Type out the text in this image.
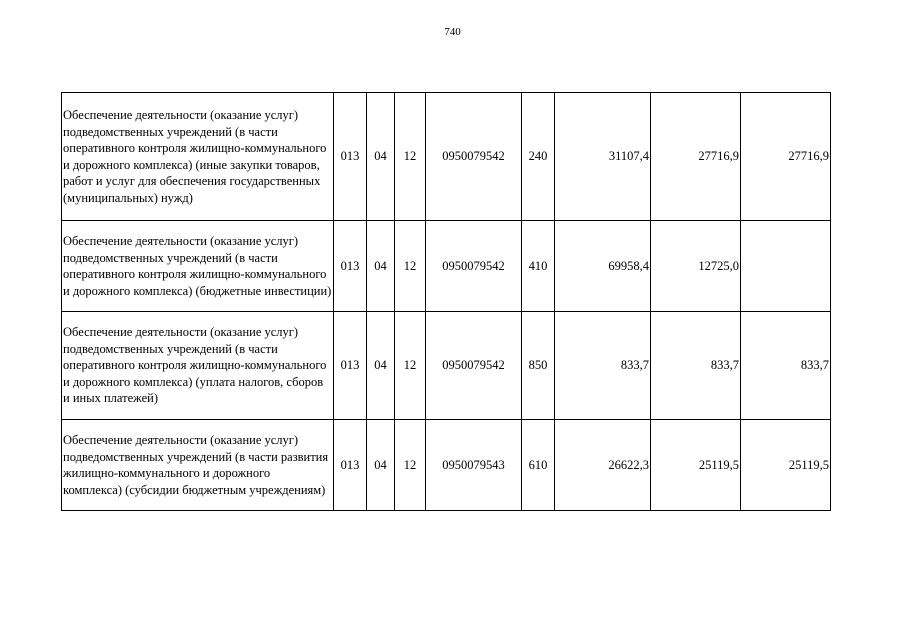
740
Обеспечение деятельности (оказание услуг) подведомственных учреждений (в части оперативного контроля жилищно-коммунального и дорожного комплекса) (иные закупки товаров, работ и услуг для обеспечения государственных (муниципальных) нужд)	013	04	12	0950079542	240	31107,4	27716,9	27716,9
Обеспечение деятельности (оказание услуг) подведомственных учреждений (в части оперативного контроля жилищно-коммунального и дорожного комплекса) (бюджетные инвестиции)	013	04	12	0950079542	410	69958,4	12725,0	
Обеспечение деятельности (оказание услуг) подведомственных учреждений (в части оперативного контроля жилищно-коммунального и дорожного комплекса) (уплата налогов, сборов и иных платежей)	013	04	12	0950079542	850	833,7	833,7	833,7
Обеспечение деятельности (оказание услуг) подведомственных учреждений (в части развития жилищно-коммунального и дорожного комплекса) (субсидии бюджетным учреждениям)	013	04	12	0950079543	610	26622,3	25119,5	25119,5
